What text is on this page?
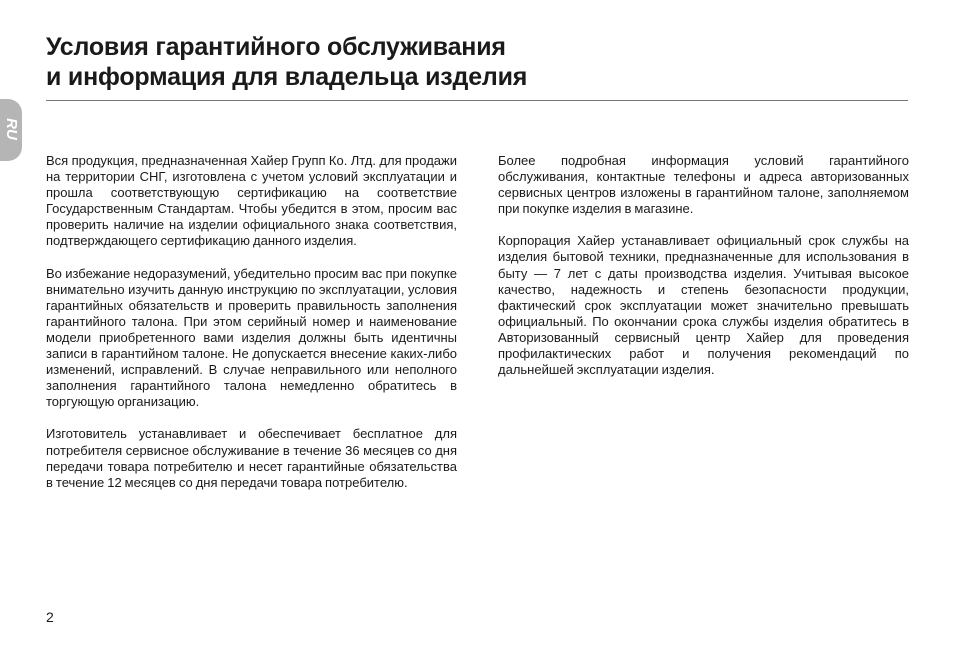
Условия гарантийного обслуживания
и информация для владельца изделия
RU

Вся продукция, предназначенная Хайер Групп Ко. Лтд. для продажи на территории СНГ, изготовлена с учетом условий эксплуатации и прошла соответствующую сертификацию на соответствие Государственным Стандартам. Чтобы убедится в этом, просим вас проверить наличие на изделии официального знака соответствия, подтверждающего сертификацию данного изделия.

Во избежание недоразумений, убедительно просим вас при покупке внимательно изучить данную инструкцию по эксплуатации, условия гарантийных обязательств и проверить правильность заполнения гарантийного талона. При этом серийный номер и наименование модели приобретенного вами изделия должны быть идентичны записи в гарантийном талоне. Не допускается внесение каких-либо изменений, исправлений. В случае неправильного или неполного заполнения гарантийного талона немедленно обратитесь в торгующую организацию.

Изготовитель устанавливает и обеспечивает бесплатное для потребителя сервисное обслуживание в течение 36 месяцев со дня передачи товара потребителю и несет гарантийные обязательства в течение 12 месяцев со дня передачи товара потребителю.

Более подробная информация условий гарантийного обслуживания, контактные телефоны и адреса авторизованных сервисных центров изложены в гарантийном талоне, заполняемом при покупке изделия в магазине.

Корпорация Хайер устанавливает официальный срок службы на изделия бытовой техники, предназначенные для использования в быту — 7 лет с даты производства изделия. Учитывая высокое качество, надежность и степень безопасности продукции, фактический срок эксплуатации может значительно превышать официальный. По окончании срока службы изделия обратитесь в Авторизованный сервисный центр Хайер для проведения профилактических работ и получения рекомендаций по дальнейшей эксплуатации изделия.

2
